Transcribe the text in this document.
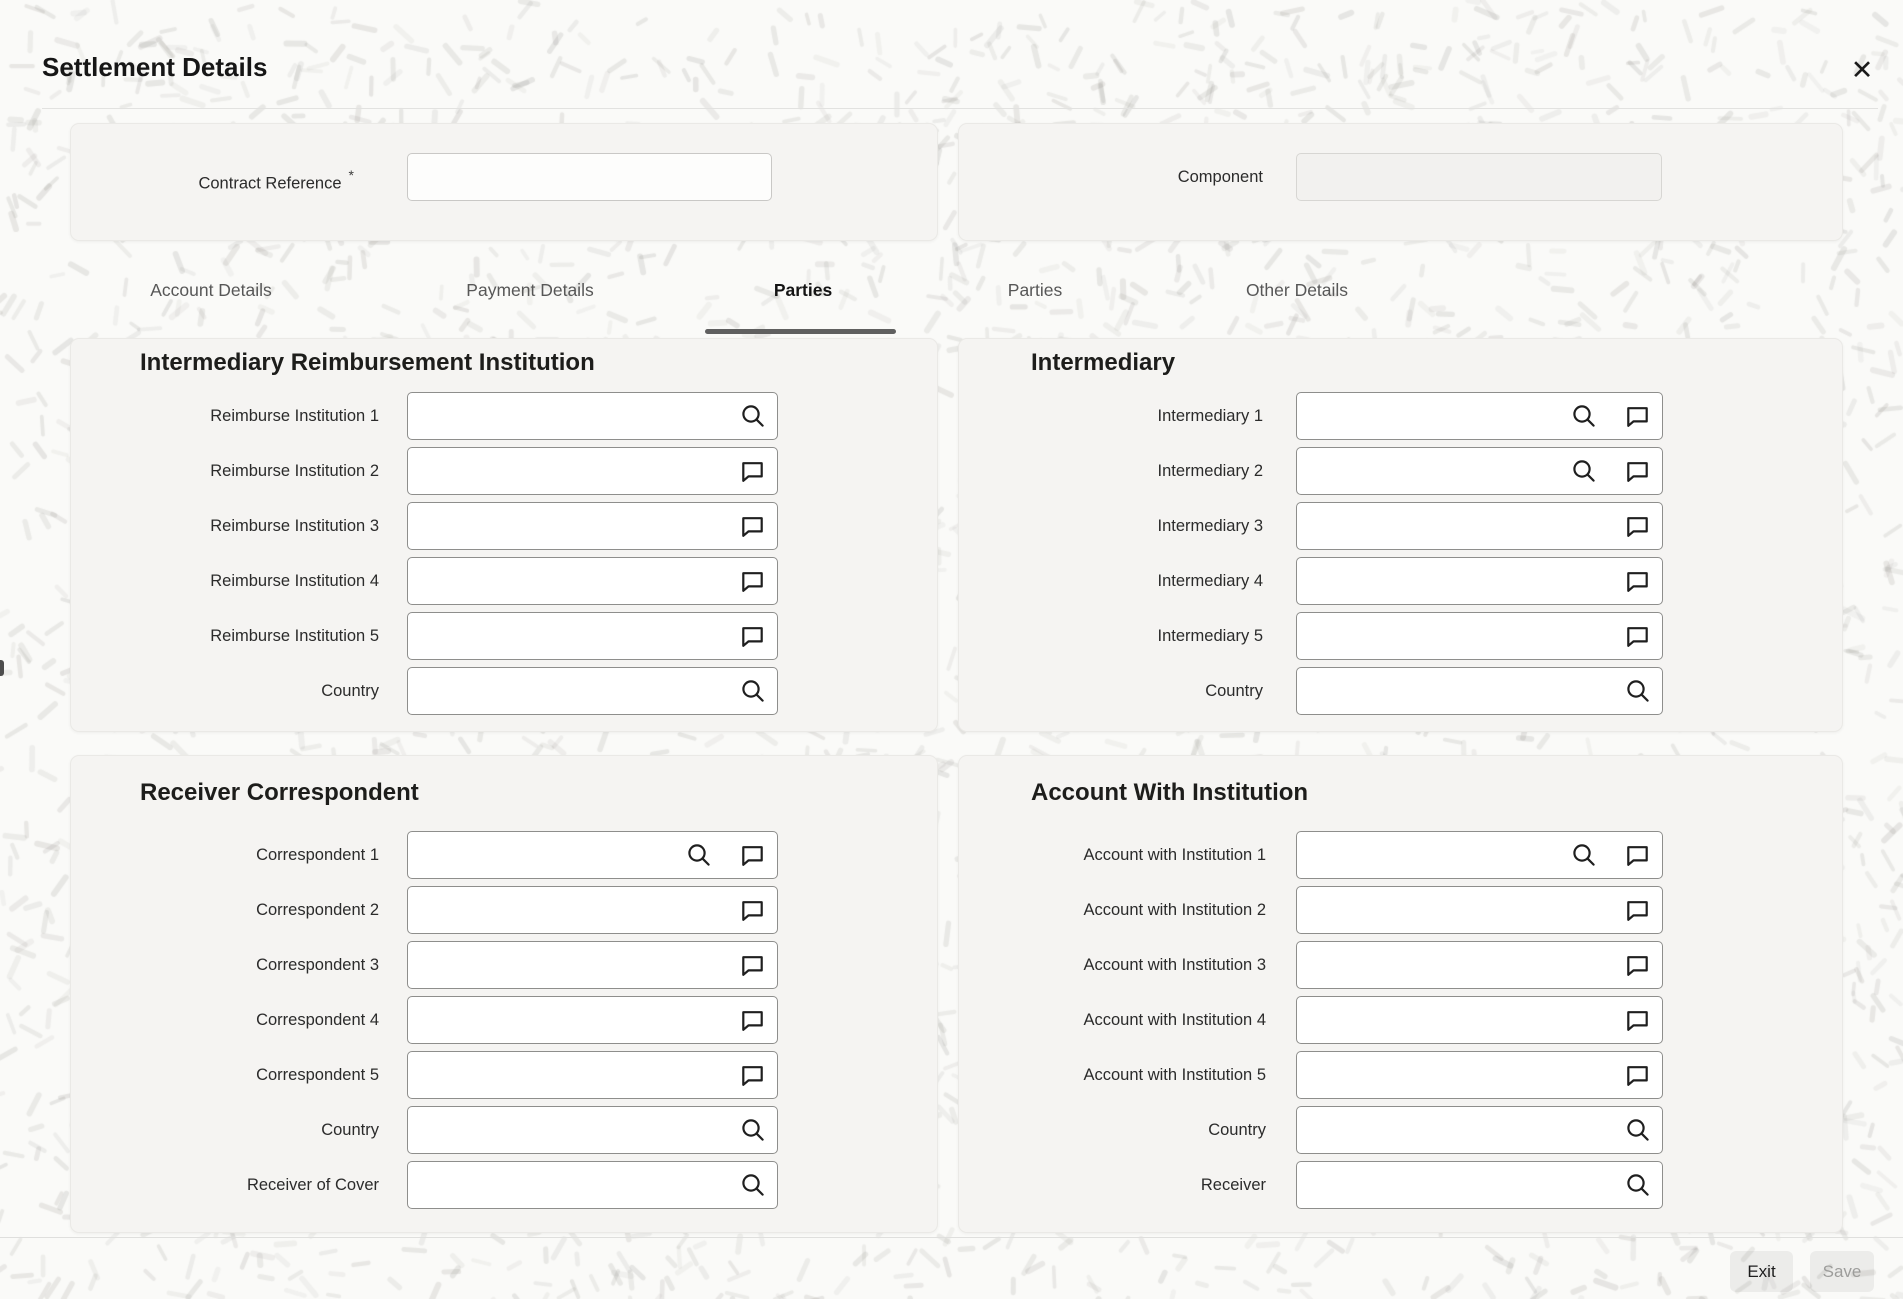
Settlement Details	✕
Contract Reference *	Component
Account Details	Payment Details	Parties	Parties	Other Details
Intermediary Reimbursement Institution
Reimburse Institution 1
Reimburse Institution 2
Reimburse Institution 3
Reimburse Institution 4
Reimburse Institution 5
Country
Intermediary
Intermediary 1
Intermediary 2
Intermediary 3
Intermediary 4
Intermediary 5
Country
Receiver Correspondent
Correspondent 1
Correspondent 2
Correspondent 3
Correspondent 4
Correspondent 5
Country
Receiver of Cover
Account With Institution
Account with Institution 1
Account with Institution 2
Account with Institution 3
Account with Institution 4
Account with Institution 5
Country
Receiver
Exit	Save
